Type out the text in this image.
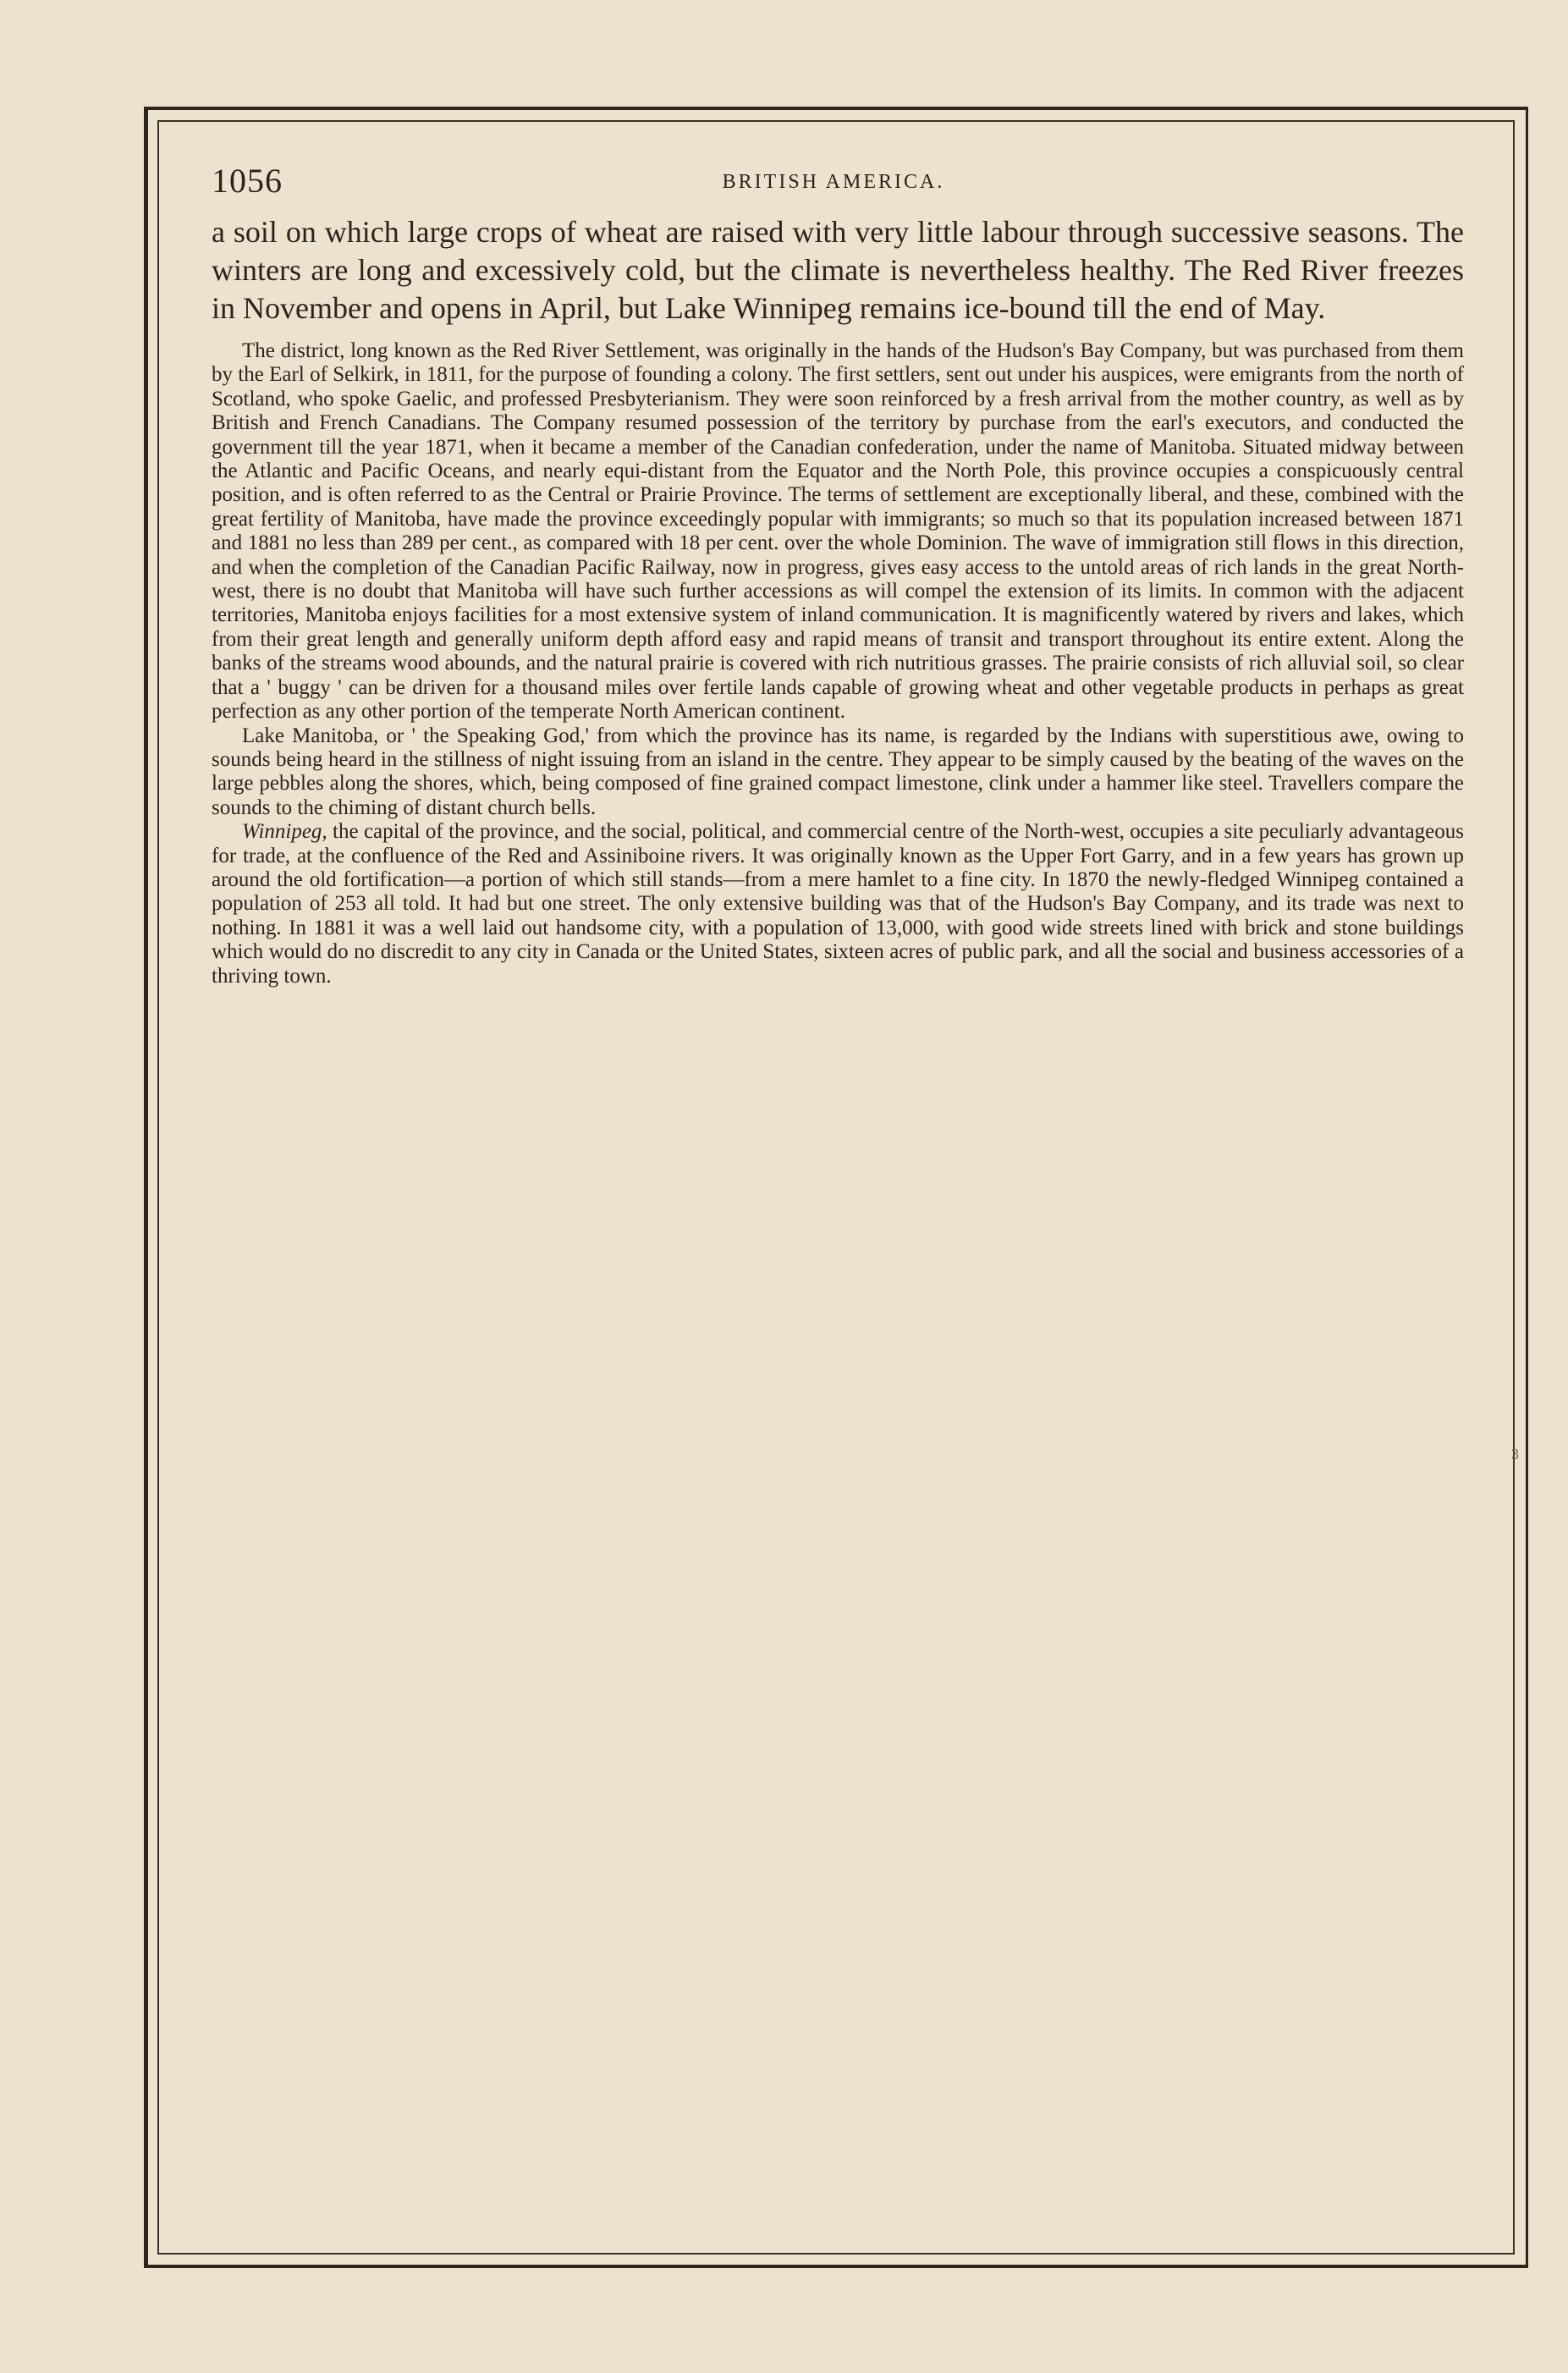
1056	BRITISH AMERICA.

a soil on which large crops of wheat are raised with very little labour through successive seasons. The winters are long and excessively cold, but the climate is nevertheless healthy. The Red River freezes in November and opens in April, but Lake Winnipeg remains ice-bound till the end of May.

The district, long known as the Red River Settlement, was originally in the hands of the Hudson's Bay Company, but was purchased from them by the Earl of Selkirk, in 1811, for the purpose of founding a colony. The first settlers, sent out under his auspices, were emigrants from the north of Scotland, who spoke Gaelic, and professed Presbyterianism. They were soon reinforced by a fresh arrival from the mother country, as well as by British and French Canadians. The Company resumed possession of the territory by purchase from the earl's executors, and conducted the government till the year 1871, when it became a member of the Canadian confederation, under the name of Manitoba. Situated midway between the Atlantic and Pacific Oceans, and nearly equi-distant from the Equator and the North Pole, this province occupies a conspicuously central position, and is often referred to as the Central or Prairie Province. The terms of settlement are exceptionally liberal, and these, combined with the great fertility of Manitoba, have made the province exceedingly popular with immigrants; so much so that its population increased between 1871 and 1881 no less than 289 per cent., as compared with 18 per cent. over the whole Dominion. The wave of immigration still flows in this direction, and when the completion of the Canadian Pacific Railway, now in progress, gives easy access to the untold areas of rich lands in the great North-west, there is no doubt that Manitoba will have such further accessions as will compel the extension of its limits. In common with the adjacent territories, Manitoba enjoys facilities for a most extensive system of inland communication. It is magnificently watered by rivers and lakes, which from their great length and generally uniform depth afford easy and rapid means of transit and transport throughout its entire extent. Along the banks of the streams wood abounds, and the natural prairie is covered with rich nutritious grasses. The prairie consists of rich alluvial soil, so clear that a ' buggy ' can be driven for a thousand miles over fertile lands capable of growing wheat and other vegetable products in perhaps as great perfection as any other portion of the temperate North American continent.

Lake Manitoba, or ' the Speaking God,' from which the province has its name, is regarded by the Indians with superstitious awe, owing to sounds being heard in the stillness of night issuing from an island in the centre. They appear to be simply caused by the beating of the waves on the large pebbles along the shores, which, being composed of fine grained compact limestone, clink under a hammer like steel. Travellers compare the sounds to the chiming of distant church bells.

Winnipeg, the capital of the province, and the social, political, and commercial centre of the North-west, occupies a site peculiarly advantageous for trade, at the confluence of the Red and Assiniboine rivers. It was originally known as the Upper Fort Garry, and in a few years has grown up around the old fortification—a portion of which still stands—from a mere hamlet to a fine city. In 1870 the newly-fledged Winnipeg contained a population of 253 all told. It had but one street. The only extensive building was that of the Hudson's Bay Company, and its trade was next to nothing. In 1881 it was a well laid out handsome city, with a population of 13,000, with good wide streets lined with brick and stone buildings which would do no discredit to any city in Canada or the United States, sixteen acres of public park, and all the social and business accessories of a thriving town.

3
